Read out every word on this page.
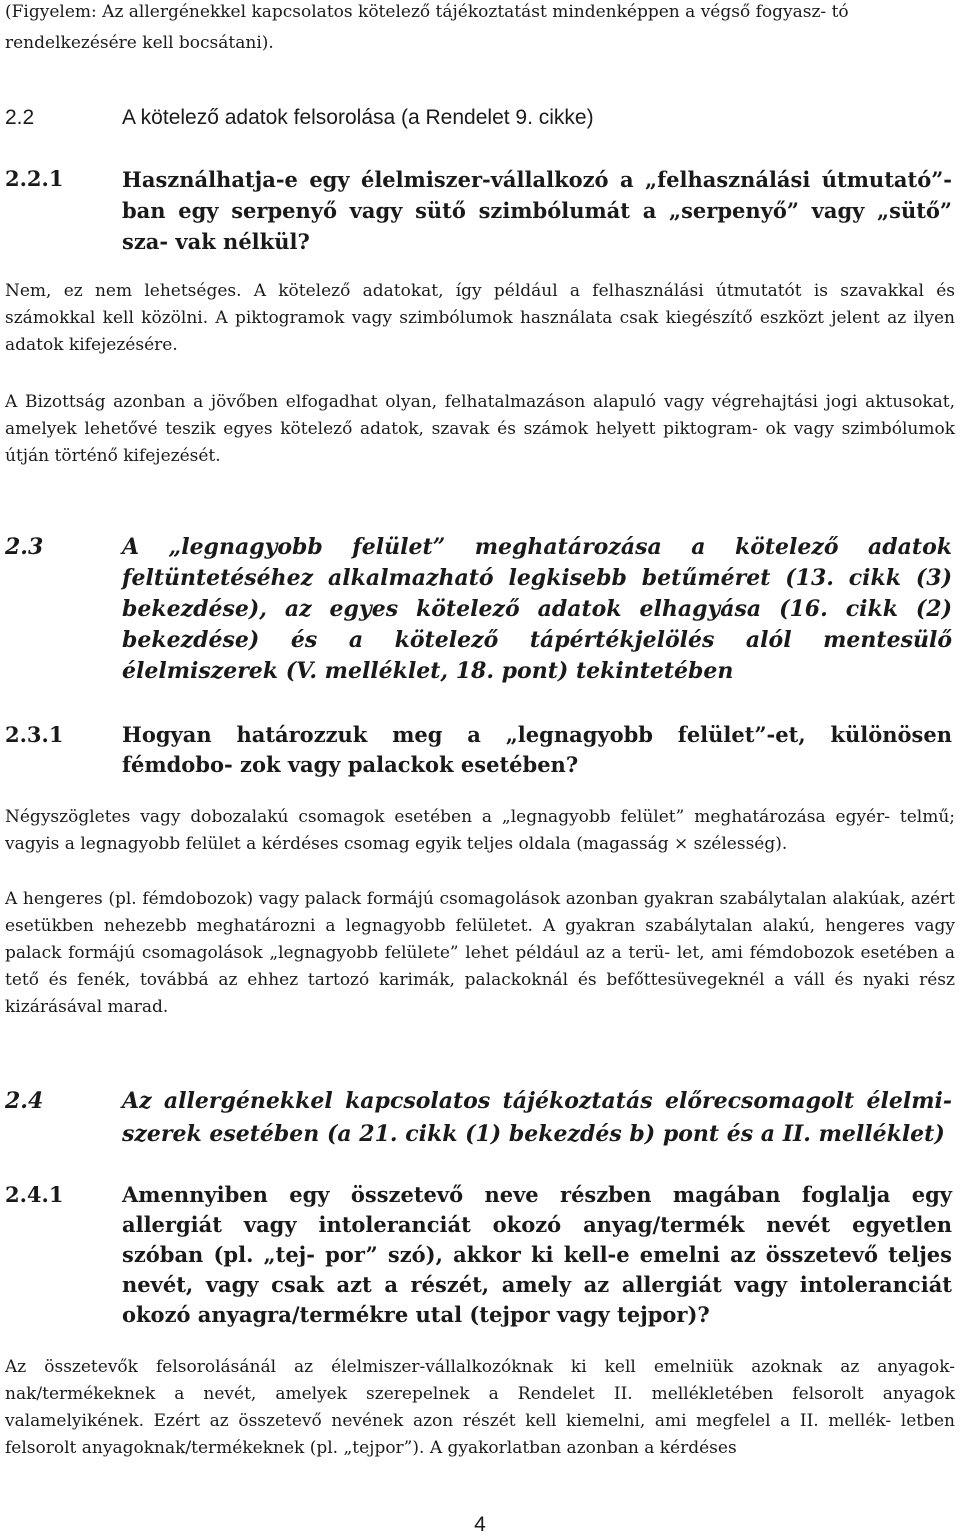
(Figyelem: Az allergénekkel kapcsolatos kötelező tájékoztatást mindenképpen a végső fogyasz- tó rendelkezésére kell bocsátani).
2.2	A kötelező adatok felsorolása (a Rendelet 9. cikke)
2.2.1	Használhatja-e egy élelmiszer-vállalkozó a „felhasználási útmutató”- ban egy serpenyő vagy sütő szimbólumát a „serpenyő” vagy „sütő” sza- vak nélkül?
Nem, ez nem lehetséges. A kötelező adatokat, így például a felhasználási útmutatót is szavakkal és számokkal kell közölni. A piktogramok vagy szimbólumok használata csak kiegészítő eszközt jelent az ilyen adatok kifejezésére.
A Bizottság azonban a jövőben elfogadhat olyan, felhatalmazáson alapuló vagy végrehajtási jogi aktusokat, amelyek lehetővé teszik egyes kötelező adatok, szavak és számok helyett piktogram- ok vagy szimbólumok útján történő kifejezését.
2.3	A „legnagyobb felület” meghatározása a kötelező adatok feltüntetéséhez alkalmazható legkisebb betűméret (13. cikk (3) bekezdése), az egyes kötelező adatok elhagyása (16. cikk (2) bekezdése) és a kötelező tápértékjelölés alól mentesülő élelmiszerek (V. melléklet, 18. pont) tekintetében
2.3.1	Hogyan határozzuk meg a „legnagyobb felület”-et, különösen fémdobo- zok vagy palackok esetében?
Négyszögletes vagy dobozalakú csomagok esetében a „legnagyobb felület” meghatározása egyér- telmű; vagyis a legnagyobb felület a kérdéses csomag egyik teljes oldala (magasság × szélesség).
A hengeres (pl. fémdobozok) vagy palack formájú csomagolások azonban gyakran szabálytalan alakúak, azért esetükben nehezebb meghatározni a legnagyobb felületet. A gyakran szabálytalan alakú, hengeres vagy palack formájú csomagolások „legnagyobb felülete” lehet például az a terü- let, ami fémdobozok esetében a tető és fenék, továbbá az ehhez tartozó karimák, palackoknál és befőttesüvegeknél a váll és nyaki rész kizárásával marad.
2.4	Az allergénekkel kapcsolatos tájékoztatás előrecsomagolt élelmi- szerek esetében (a 21. cikk (1) bekezdés b) pont és a II. melléklet)
2.4.1	Amennyiben egy összetevő neve részben magában foglalja egy allergiát vagy intoleranciát okozó anyag/termék nevét egyetlen szóban (pl. „tej- por” szó), akkor ki kell-e emelni az összetevő teljes nevét, vagy csak azt a részét, amely az allergiát vagy intoleranciát okozó anyagra/termékre utal (tejpor vagy tejpor)?
Az összetevők felsorolásánál az élelmiszer-vállalkozóknak ki kell emelniük azoknak az anyagok- nak/termékeknek a nevét, amelyek szerepelnek a Rendelet II. mellékletében felsorolt anyagok valamelyikének. Ezért az összetevő nevének azon részét kell kiemelni, ami megfelel a II. mellék- letben felsorolt anyagoknak/termékeknek (pl. „tejpor”). A gyakorlatban azonban a kérdéses
4
